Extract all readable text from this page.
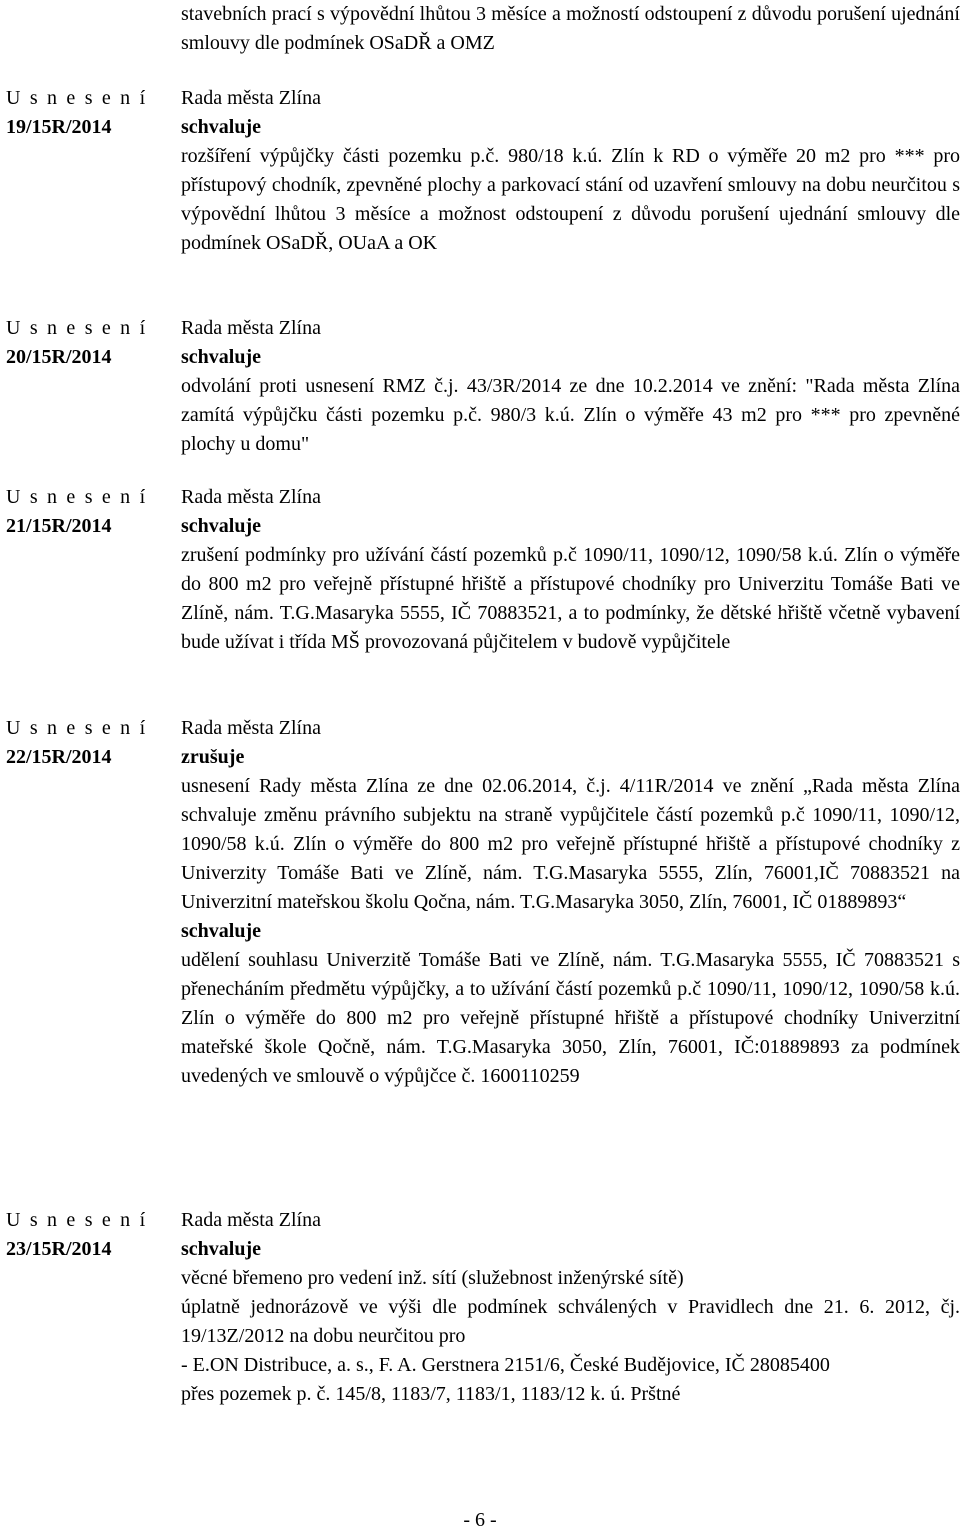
stavebních prací s výpovědní lhůtou 3 měsíce a možností odstoupení z důvodu porušení ujednání smlouvy dle podmínek OSaDŘ a OMZ
U s n e s e n í
19/15R/2014
Rada města Zlína
schvaluje
rozšíření výpůjčky části pozemku p.č. 980/18 k.ú. Zlín k RD o výměře 20 m2 pro *** pro přístupový chodník, zpevněné plochy a parkovací stání od uzavření smlouvy na dobu neurčitou s výpovědní lhůtou 3 měsíce a možnost odstoupení z důvodu porušení ujednání smlouvy dle podmínek OSaDŘ, OUaA a OK
U s n e s e n í
20/15R/2014
Rada města Zlína
schvaluje
odvolání proti usnesení RMZ č.j. 43/3R/2014 ze dne 10.2.2014 ve znění: "Rada města Zlína zamítá výpůjčku části pozemku p.č. 980/3 k.ú. Zlín o výměře 43 m2 pro *** pro zpevněné plochy u domu"
U s n e s e n í
21/15R/2014
Rada města Zlína
schvaluje
zrušení podmínky pro užívání částí pozemků p.č 1090/11, 1090/12, 1090/58 k.ú. Zlín o výměře do 800 m2 pro veřejně přístupné hřiště a přístupové chodníky pro Univerzitu Tomáše Bati ve Zlíně, nám. T.G.Masaryka 5555, IČ 70883521, a to podmínky, že dětské hřiště včetně vybavení bude užívat i třída MŠ provozovaná půjčitelem v budově vypůjčitele
U s n e s e n í
22/15R/2014
Rada města Zlína
zrušuje
usnesení Rady města Zlína ze dne 02.06.2014, č.j. 4/11R/2014 ve znění „Rada města Zlína schvaluje změnu právního subjektu na straně vypůjčitele částí pozemků p.č 1090/11, 1090/12, 1090/58 k.ú. Zlín o výměře do 800 m2 pro veřejně přístupné hřiště a přístupové chodníky z Univerzity Tomáše Bati ve Zlíně, nám. T.G.Masaryka 5555, Zlín, 76001,IČ 70883521 na Univerzitní mateřskou školu Qočna, nám. T.G.Masaryka 3050, Zlín, 76001, IČ 01889893“
schvaluje
udělení souhlasu Univerzitě Tomáše Bati ve Zlíně, nám. T.G.Masaryka 5555, IČ 70883521 s přenecháním předmětu výpůjčky, a to užívání částí pozemků p.č 1090/11, 1090/12, 1090/58 k.ú. Zlín o výměře do 800 m2 pro veřejně přístupné hřiště a přístupové chodníky Univerzitní mateřské škole Qočně, nám. T.G.Masaryka 3050, Zlín, 76001, IČ:01889893 za podmínek uvedených ve smlouvě o výpůjčce č. 1600110259
U s n e s e n í
23/15R/2014
Rada města Zlína
schvaluje
věcné břemeno pro vedení inž. sítí (služebnost inženýrské sítě)
úplatně jednorázově ve výši dle podmínek schválených v Pravidlech dne 21. 6. 2012, čj. 19/13Z/2012 na dobu neurčitou pro
- E.ON Distribuce, a. s., F. A. Gerstnera 2151/6, České Budějovice, IČ 28085400
přes pozemek p. č. 145/8, 1183/7, 1183/1, 1183/12 k. ú. Prštné
- 6 -
